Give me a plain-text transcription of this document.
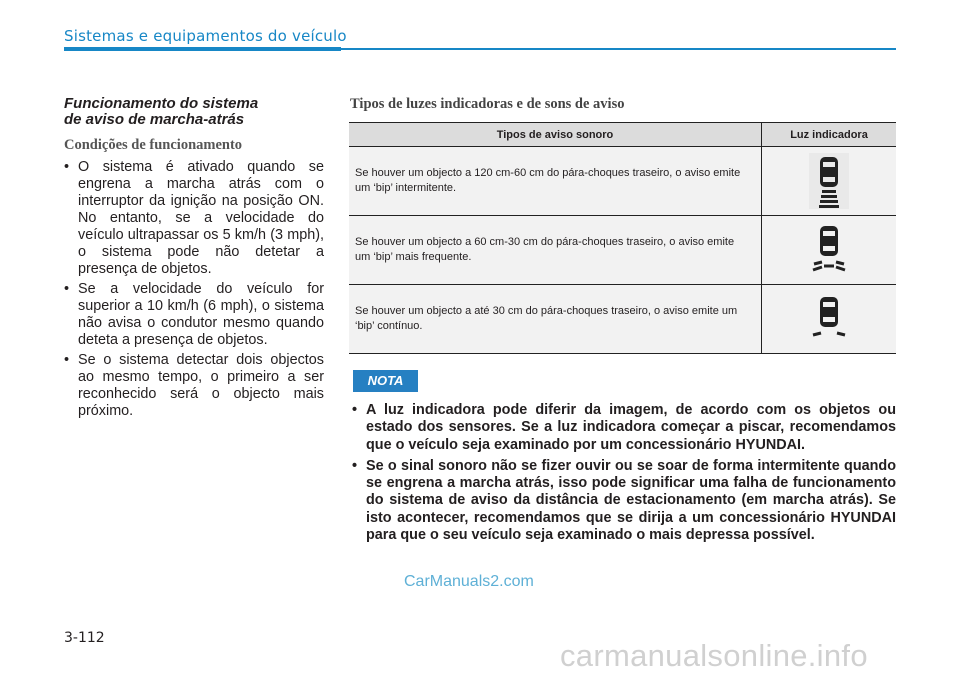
Sistemas e equipamentos do veículo
Funcionamento do sistema
de aviso de marcha-atrás
Condições de funcionamento
• O sistema é ativado quando se engrena a marcha atrás com o interruptor da ignição na posição ON. No entanto, se a velocidade do veículo ultrapassar os 5 km/h (3 mph), o sistema pode não detetar a presença de objetos.
• Se a velocidade do veículo for superior a 10 km/h (6 mph), o sistema não avisa o condutor mesmo quando deteta a presença de objetos.
• Se o sistema detectar dois objectos ao mesmo tempo, o primeiro a ser reconhecido será o objecto mais próximo.
Tipos de luzes indicadoras e de sons de aviso
Tipos de aviso sonoro	Luz indicadora
Se houver um objecto a 120 cm-60 cm do pára-choques traseiro, o aviso emite um ‘bip’ intermitente.	
Se houver um objecto a 60 cm-30 cm do pára-choques traseiro, o aviso emite um ‘bip’ mais frequente.	
Se houver um objecto a até 30 cm do pára-choques traseiro, o aviso emite um ‘bip’ contínuo.	
NOTA
• A luz indicadora pode diferir da imagem, de acordo com os objetos ou estado dos sensores. Se a luz indicadora começar a piscar, recomendamos que o veículo seja examinado por um concessionário HYUNDAI.
• Se o sinal sonoro não se fizer ouvir ou se soar de forma intermitente quando se engrena a marcha atrás, isso pode significar uma falha de funcionamento do sistema de aviso da distância de estacionamento (em marcha atrás). Se isto acontecer, recomendamos que se dirija a um concessionário HYUNDAI para que o seu veículo seja examinado o mais depressa possível.
CarManuals2.com
3-112	carmanualsonline.info
